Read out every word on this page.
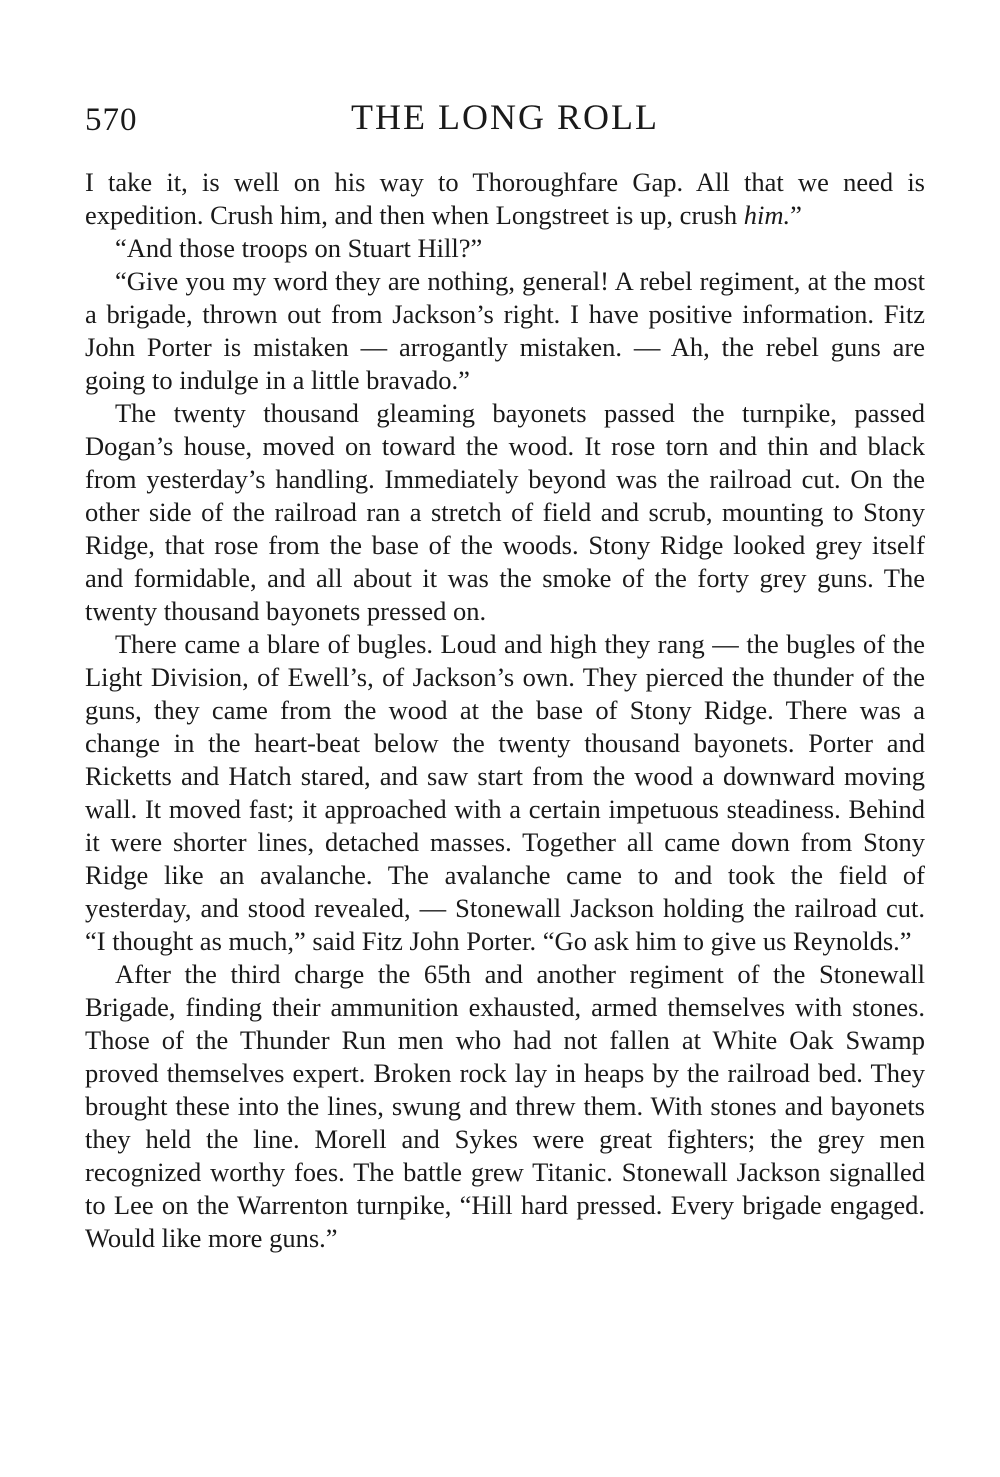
570	THE LONG ROLL

I take it, is well on his way to Thoroughfare Gap. All that we need is expedition. Crush him, and then when Longstreet is up, crush him.”

“And those troops on Stuart Hill?”

“Give you my word they are nothing, general! A rebel regiment, at the most a brigade, thrown out from Jackson’s right. I have positive information. Fitz John Porter is mistaken — arrogantly mistaken. — Ah, the rebel guns are going to indulge in a little bravado.”

The twenty thousand gleaming bayonets passed the turnpike, passed Dogan’s house, moved on toward the wood. It rose torn and thin and black from yesterday’s handling. Immediately beyond was the railroad cut. On the other side of the railroad ran a stretch of field and scrub, mounting to Stony Ridge, that rose from the base of the woods. Stony Ridge looked grey itself and formidable, and all about it was the smoke of the forty grey guns. The twenty thousand bayonets pressed on.

There came a blare of bugles. Loud and high they rang — the bugles of the Light Division, of Ewell’s, of Jackson’s own. They pierced the thunder of the guns, they came from the wood at the base of Stony Ridge. There was a change in the heart-beat below the twenty thousand bayonets. Porter and Ricketts and Hatch stared, and saw start from the wood a downward moving wall. It moved fast; it approached with a certain impetuous steadiness. Behind it were shorter lines, detached masses. Together all came down from Stony Ridge like an avalanche. The avalanche came to and took the field of yesterday, and stood revealed, — Stonewall Jackson holding the railroad cut. “I thought as much,” said Fitz John Porter. “Go ask him to give us Reynolds.”

After the third charge the 65th and another regiment of the Stonewall Brigade, finding their ammunition exhausted, armed themselves with stones. Those of the Thunder Run men who had not fallen at White Oak Swamp proved themselves expert. Broken rock lay in heaps by the railroad bed. They brought these into the lines, swung and threw them. With stones and bayonets they held the line. Morell and Sykes were great fighters; the grey men recognized worthy foes. The battle grew Titanic. Stonewall Jackson signalled to Lee on the Warrenton turnpike, “Hill hard pressed. Every brigade engaged. Would like more guns.”
